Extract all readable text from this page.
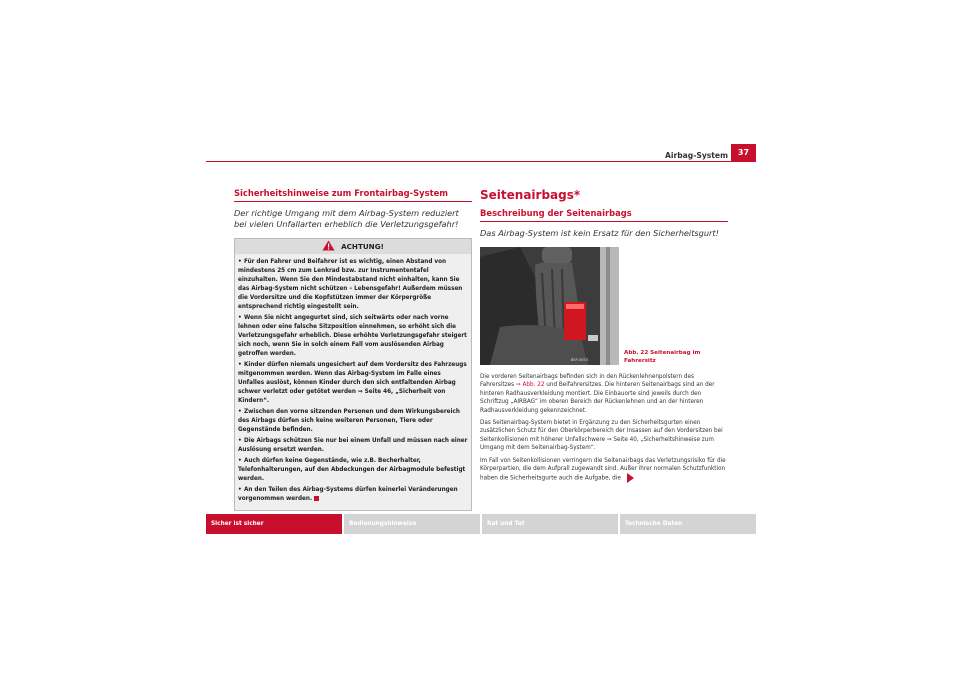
Airbag-System	37
Sicherheitshinweise zum Frontairbag-System
Der richtige Umgang mit dem Airbag-System reduziert bei vielen Unfallarten erheblich die Verletzungsgefahr!
ACHTUNG!
• Für den Fahrer und Beifahrer ist es wichtig, einen Abstand von mindestens 25 cm zum Lenkrad bzw. zur Instrumententafel einzuhalten. Wenn Sie den Mindestabstand nicht einhalten, kann Sie das Airbag-System nicht schützen – Lebensgefahr! Außerdem müssen die Vordersitze und die Kopfstützen immer der Körpergröße entsprechend richtig eingestellt sein.
• Wenn Sie nicht angegurtet sind, sich seitwärts oder nach vorne lehnen oder eine falsche Sitzposition einnehmen, so erhöht sich die Verletzungsgefahr erheblich. Diese erhöhte Verletzungsgefahr steigert sich noch, wenn Sie in solch einem Fall vom auslösenden Airbag getroffen werden.
• Kinder dürfen niemals ungesichert auf dem Vordersitz des Fahrzeugs mitgenommen werden. Wenn das Airbag-System im Falle eines Unfalles auslöst, können Kinder durch den sich entfaltenden Airbag schwer verletzt oder getötet werden ⇒ Seite 46, „Sicherheit von Kindern“.
• Zwischen den vorne sitzenden Personen und dem Wirkungsbereich des Airbags dürfen sich keine weiteren Personen, Tiere oder Gegenstände befinden.
• Die Airbags schützen Sie nur bei einem Unfall und müssen nach einer Auslösung ersetzt werden.
• Auch dürfen keine Gegenstände, wie z.B. Becherhalter, Telefonhalterungen, auf den Abdeckungen der Airbagmodule befestigt werden.
• An den Teilen des Airbag-Systems dürfen keinerlei Veränderungen vorgenommen werden.
Seitenairbags*
Beschreibung der Seitenairbags
Das Airbag-System ist kein Ersatz für den Sicherheitsgurt!
B5P-0053
Abb. 22 Seitenairbag im Fahrersitz
Die vorderen Seitenairbags befinden sich in den Rückenlehnenpolstern des Fahrersitzes ⇒ Abb. 22 und Beifahrersitzes. Die hinteren Seitenairbags sind an der hinteren Radhausverkleidung montiert. Die Einbauorte sind jeweils durch den Schriftzug „AIRBAG“ im oberen Bereich der Rückenlehnen und an der hinteren Radhausverkleidung gekennzeichnet.
Das Seitenairbag-System bietet in Ergänzung zu den Sicherheitsgurten einen zusätzlichen Schutz für den Oberkörperbereich der Insassen auf den Vordersitzen bei Seitenkollisionen mit höherer Unfallschwere ⇒ Seite 40, „Sicherheitshinweise zum Umgang mit dem Seitenairbag-System“.
Im Fall von Seitenkollisionen verringern die Seitenairbags das Verletzungsrisiko für die Körperpartien, die dem Aufprall zugewandt sind. Außer ihrer normalen Schutzfunktion haben die Sicherheitsgurte auch die Aufgabe, die
Sicher ist sicher	Bedienungshinweise	Rat und Tat	Technische Daten
